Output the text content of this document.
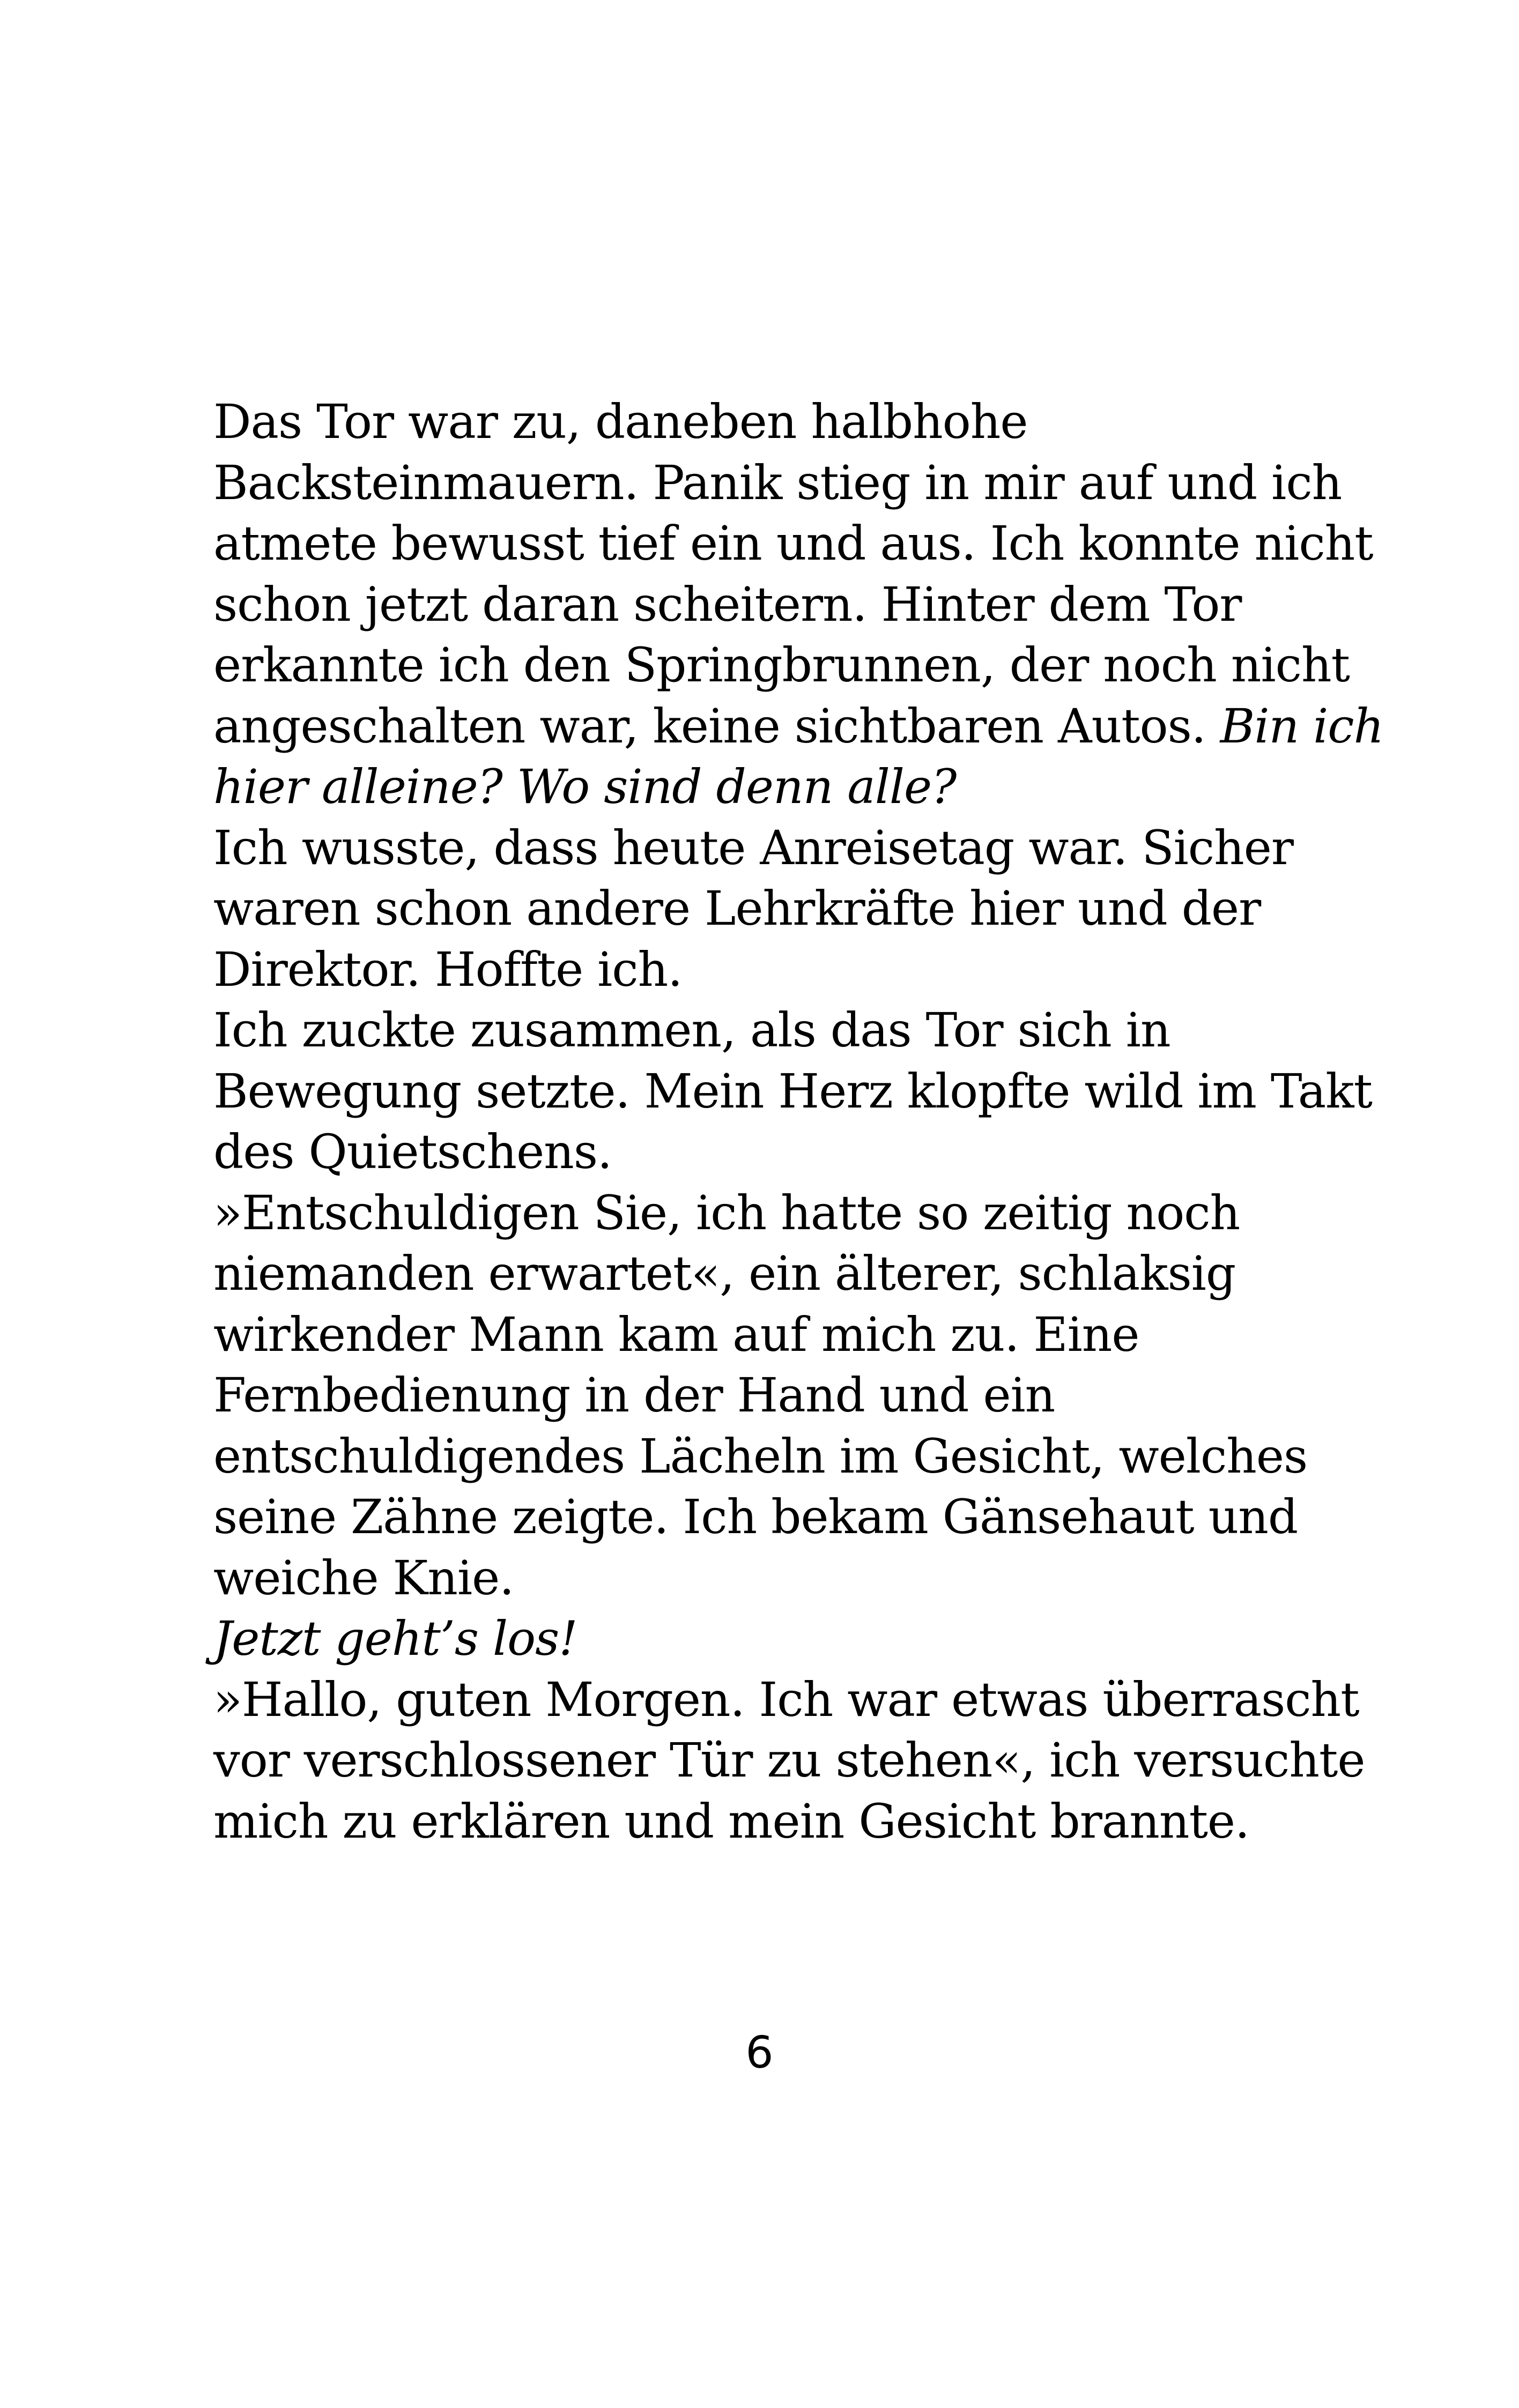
Das Tor war zu, daneben halbhohe
Backsteinmauern. Panik stieg in mir auf und ich
atmete bewusst tief ein und aus. Ich konnte nicht
schon jetzt daran scheitern. Hinter dem Tor
erkannte ich den Springbrunnen, der noch nicht
angeschalten war, keine sichtbaren Autos. Bin ich
hier alleine? Wo sind denn alle?
Ich wusste, dass heute Anreisetag war. Sicher
waren schon andere Lehrkräfte hier und der
Direktor. Hoffte ich.
Ich zuckte zusammen, als das Tor sich in
Bewegung setzte. Mein Herz klopfte wild im Takt
des Quietschens.
»Entschuldigen Sie, ich hatte so zeitig noch
niemanden erwartet«, ein älterer, schlaksig
wirkender Mann kam auf mich zu. Eine
Fernbedienung in der Hand und ein
entschuldigendes Lächeln im Gesicht, welches
seine Zähne zeigte. Ich bekam Gänsehaut und
weiche Knie.
Jetzt geht’s los!
»Hallo, guten Morgen. Ich war etwas überrascht
vor verschlossener Tür zu stehen«, ich versuchte
mich zu erklären und mein Gesicht brannte.
6
